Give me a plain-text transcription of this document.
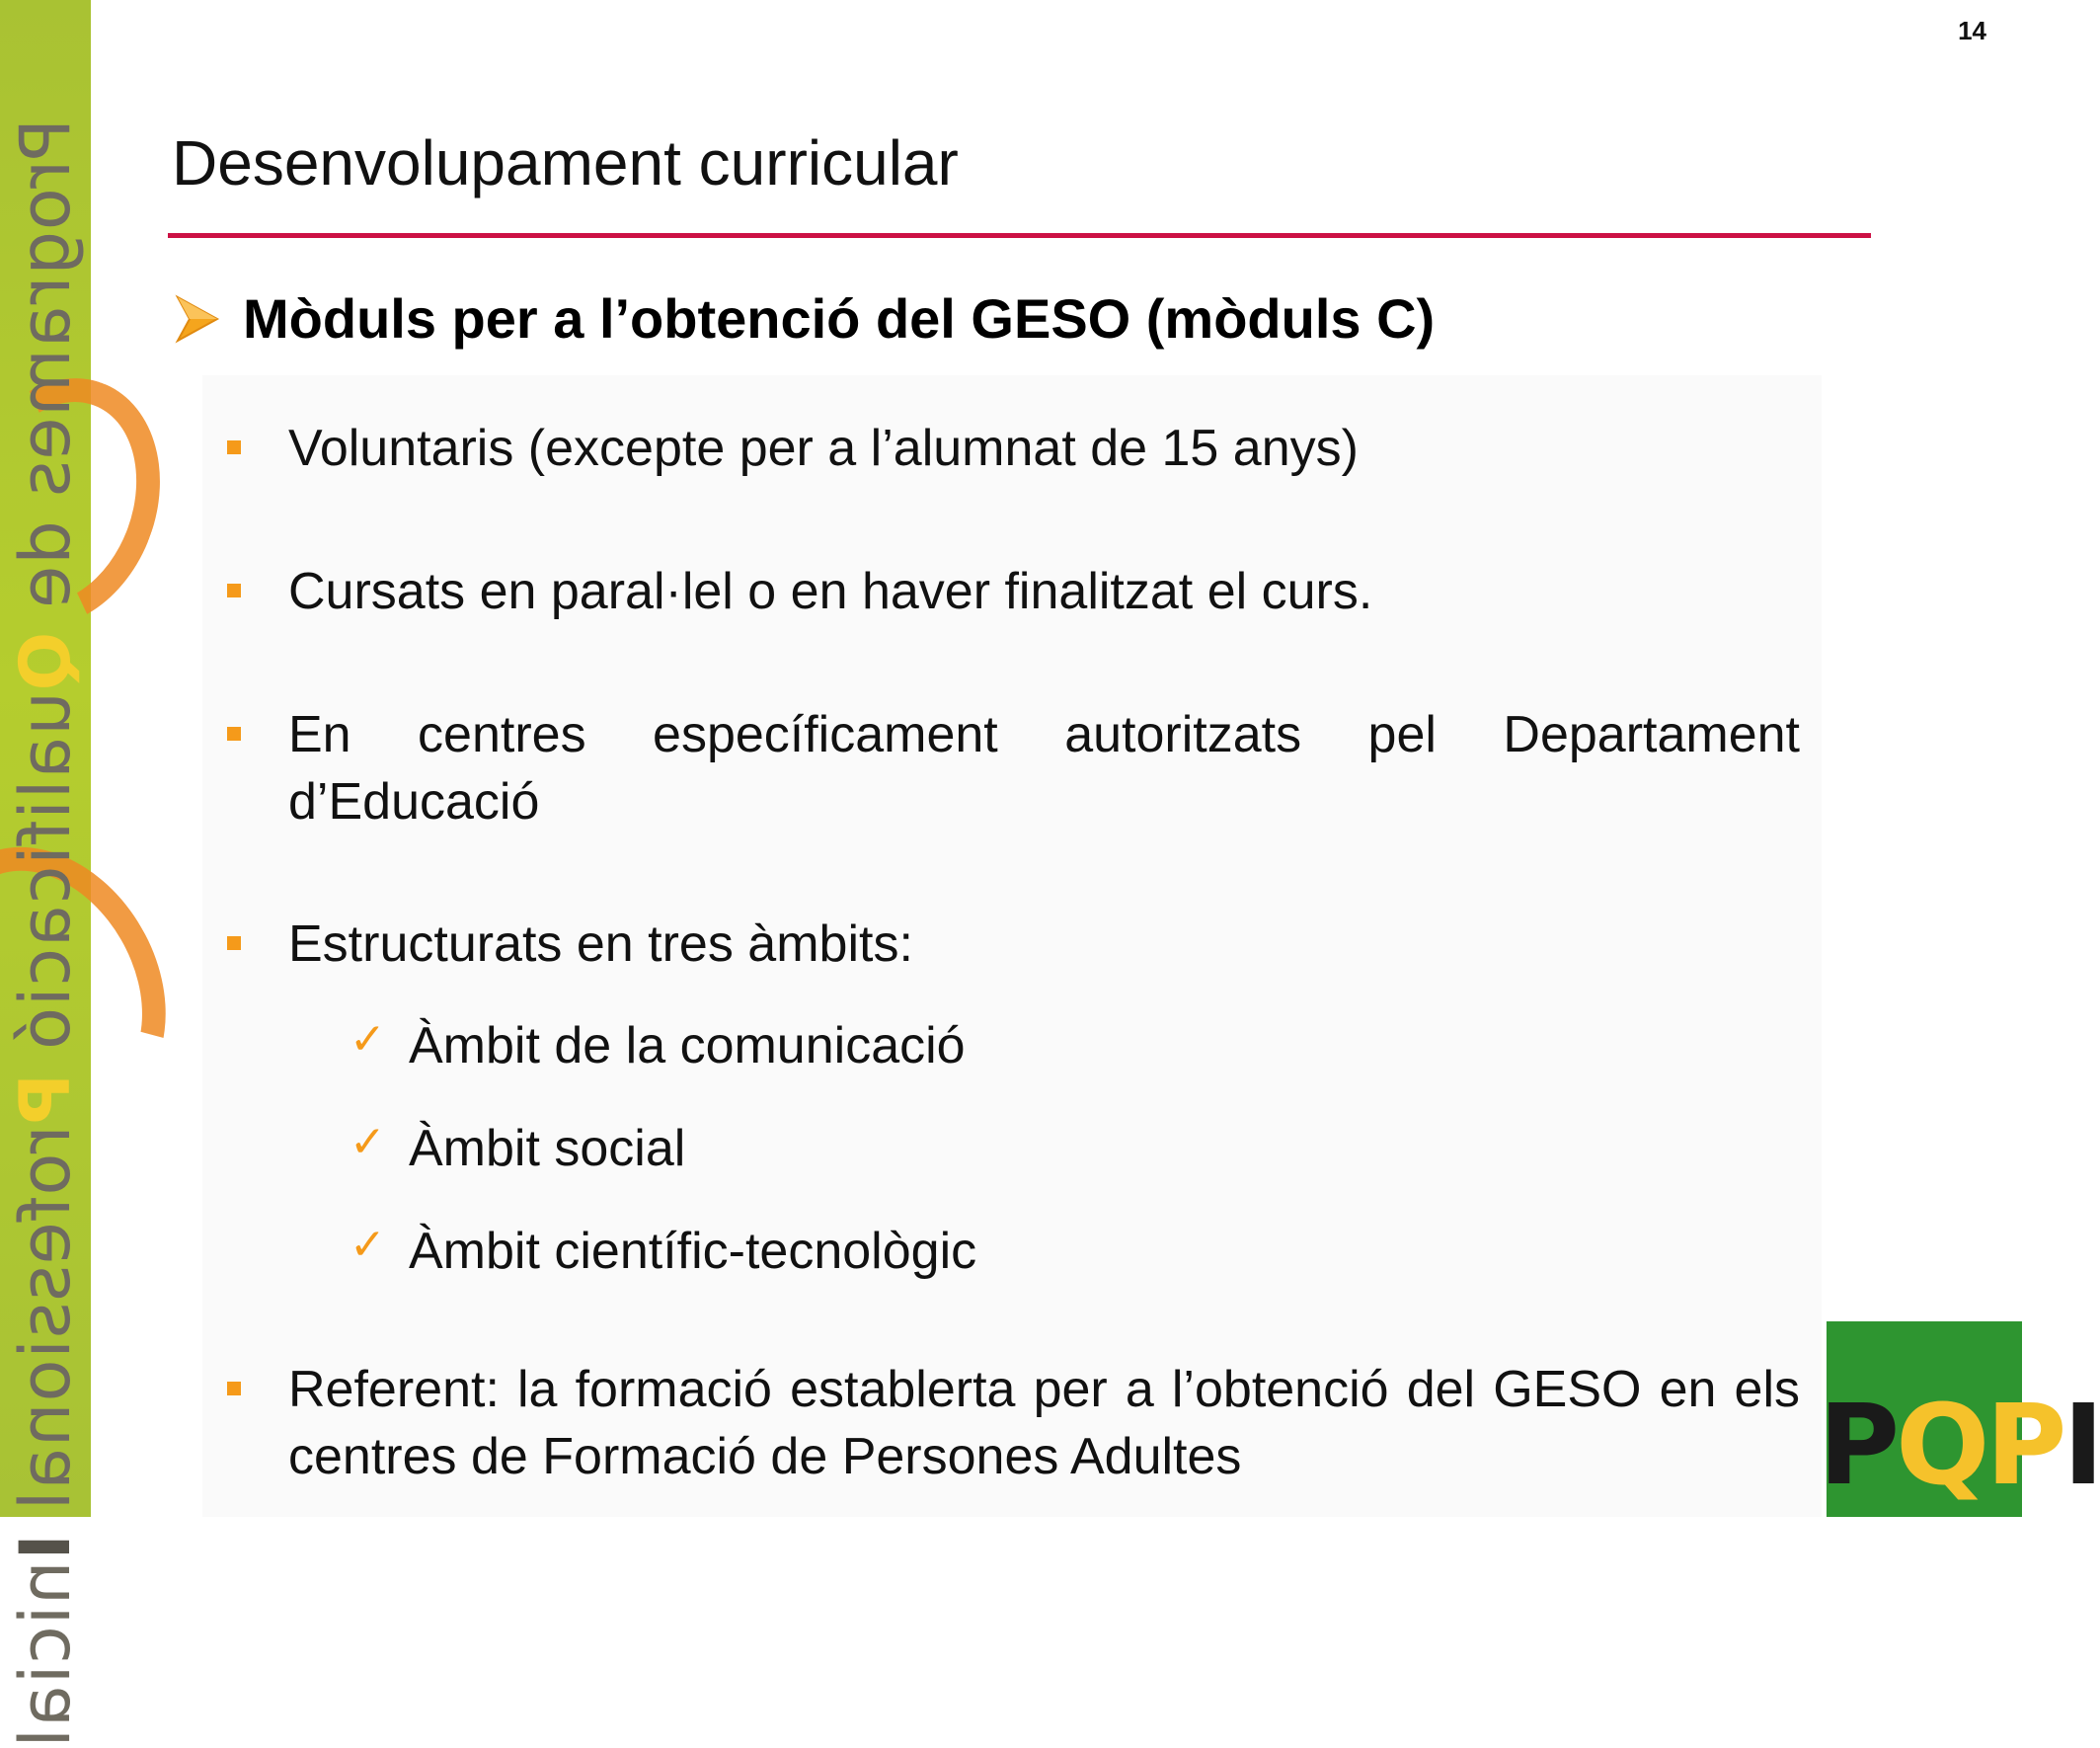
Programes de Qualificació Professional Inicial
14
Desenvolupament curricular
Mòduls per a l’obtenció del GESO (mòduls C)
Voluntaris (excepte per a l’alumnat de 15 anys)
Cursats en paral·lel o en haver finalitzat el curs.
En centres específicament autoritzats pel Departament d’Educació
Estructurats en tres àmbits:
✓ Àmbit de la comunicació
✓ Àmbit social
✓ Àmbit científic-tecnològic
Referent: la formació establerta per a l’obtenció del GESO en els centres de Formació de Persones Adultes	PQPI
